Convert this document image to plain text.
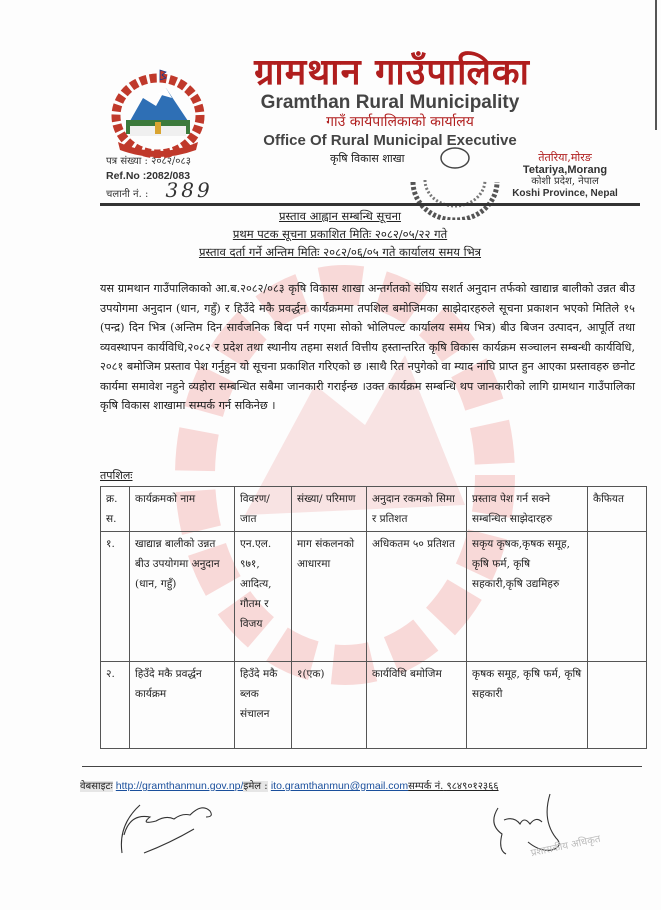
ग्रामथान गाउँपालिका
Gramthan Rural Municipality
गाउँ कार्यपालिकाको कार्यालय
Office Of Rural Municipal Executive
कृषि विकास शाखा	तेतरिया,मोरङ
Tetariya,Morang
कोशी प्रदेश, नेपाल
Koshi Province, Nepal
पत्र संख्या : २०८२/०८३
Ref.No :2082/083
चलानी नं. : 389
प्रस्ताव आह्वान सम्बन्धि सूचना
प्रथम पटक सूचना प्रकाशित मितिः २०८२/०५/२२ गते
प्रस्ताव दर्ता गर्ने अन्तिम मितिः २०८२/०६/०५ गते कार्यालय समय भित्र
यस ग्रामथान गाउँपालिकाको आ.ब.२०८२/०८३ कृषि विकास शाखा अन्तर्गतको संघिय सशर्त अनुदान तर्फको खाद्यान्न बालीको उन्नत बीउ उपयोगमा अनुदान (धान, गहुँ) र हिउँदे मकै प्रवर्द्धन कार्यक्रममा तपशिल बमोजिमका साझेदारहरुले सूचना प्रकाशन भएको मितिले १५ (पन्द्र) दिन भित्र (अन्तिम दिन सार्वजनिक बिदा पर्न गएमा सोको भोलिपल्ट कार्यालय समय भित्र) बीउ बिजन उत्पादन, आपूर्ति तथा व्यवस्थापन कार्यविधि,२०८२ र प्रदेश तथा स्थानीय तहमा सशर्त वित्तीय हस्तान्तरित कृषि विकास कार्यक्रम सञ्चालन सम्बन्धी कार्यविधि, २०८१ बमोजिम प्रस्ताव पेश गर्नुहुन यो सूचना प्रकाशित गरिएको छ ।साथै रित नपुगेको वा म्याद नाघि प्राप्त हुन आएका प्रस्तावहरु छनोट कार्यमा समावेश नहुने व्यहोरा सम्बन्धित सबैमा जानकारी गराईन्छ ।उक्त कार्यक्रम सम्बन्धि थप जानकारीको लागि ग्रामथान गाउँपालिका कृषि विकास शाखामा सम्पर्क गर्न सकिनेछ ।
तपशिलः
क्र. स.	कार्यक्रमको नाम	विवरण/ जात	संख्या/ परिमाण	अनुदान रकमको सिमा र प्रतिशत	प्रस्ताव पेश गर्न सक्ने सम्बन्धित साझेदारहरु	कैफियत
१.	खाद्यान्न बालीको उन्नत बीउ उपयोगमा अनुदान (धान, गहुँ)	एन.एल. ९७१, आदित्य, गौतम र विजय	माग संकलनको आधारमा	अधिकतम ५० प्रतिशत	सकृय कृषक,कृषक समूह, कृषि फर्म, कृषि सहकारी,कृषि उद्यमिहरु	
२.	हिउँदे मकै प्रवर्द्धन कार्यक्रम	हिउँदे मकै ब्लक संचालन	१(एक)	कार्यविधि बमोजिम	कृषक समूह, कृषि फर्म, कृषि सहकारी	
वेबसाइटः http://gramthanmun.gov.np/इमेल : ito.gramthanmun@gmail.comसम्पर्क नं. ९८४९०१२३६६
प्रशासकीय अधिकृत
